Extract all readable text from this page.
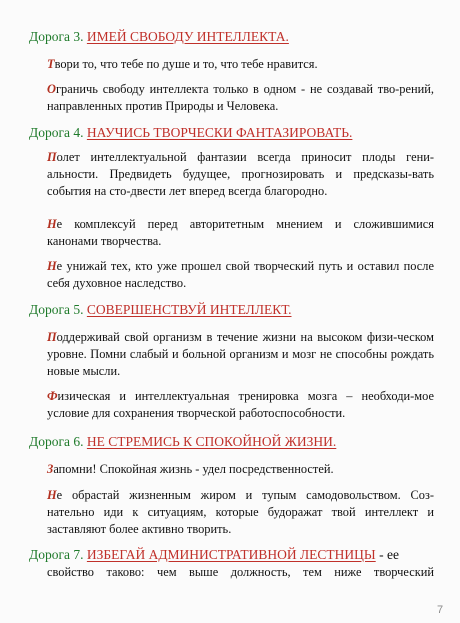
Дорога 3. ИМЕЙ СВОБОДУ ИНТЕЛЛЕКТА.
Твори то, что тебе по душе и то, что тебе нравится.
Ограничь свободу интеллекта только в одном - не создавай тво-рений, направленных против Природы и Человека.
Дорога 4. НАУЧИСЬ ТВОРЧЕСКИ ФАНТАЗИРОВАТЬ.
Полет интеллектуальной фантазии всегда приносит плоды гени-альности. Предвидеть будущее, прогнозировать и предсказы-вать события на сто-двести лет вперед всегда благородно.
Не комплексуй перед авторитетным мнением и сложившимися канонами творчества.
Не унижай тех, кто уже прошел свой творческий путь и оставил после себя духовное наследство.
Дорога 5. СОВЕРШЕНСТВУЙ ИНТЕЛЛЕКТ.
Поддерживай свой организм в течение жизни на высоком физи-ческом уровне. Помни слабый и больной организм и мозг не способны рождать новые мысли.
Физическая и интеллектуальная тренировка мозга – необходи-мое условие для сохранения творческой работоспособности.
Дорога 6. НЕ СТРЕМИСЬ К СПОКОЙНОЙ ЖИЗНИ.
Запомни! Спокойная жизнь - удел посредственностей.
Не обрастай жизненным жиром и тупым самодовольством. Соз-нательно иди к ситуациям, которые будоражат твой интеллект и заставляют более активно творить.
Дорога 7. ИЗБЕГАЙ АДМИНИСТРАТИВНОЙ ЛЕСТНИЦЫ - ее
свойство таково: чем выше должность, тем ниже творческий
7
